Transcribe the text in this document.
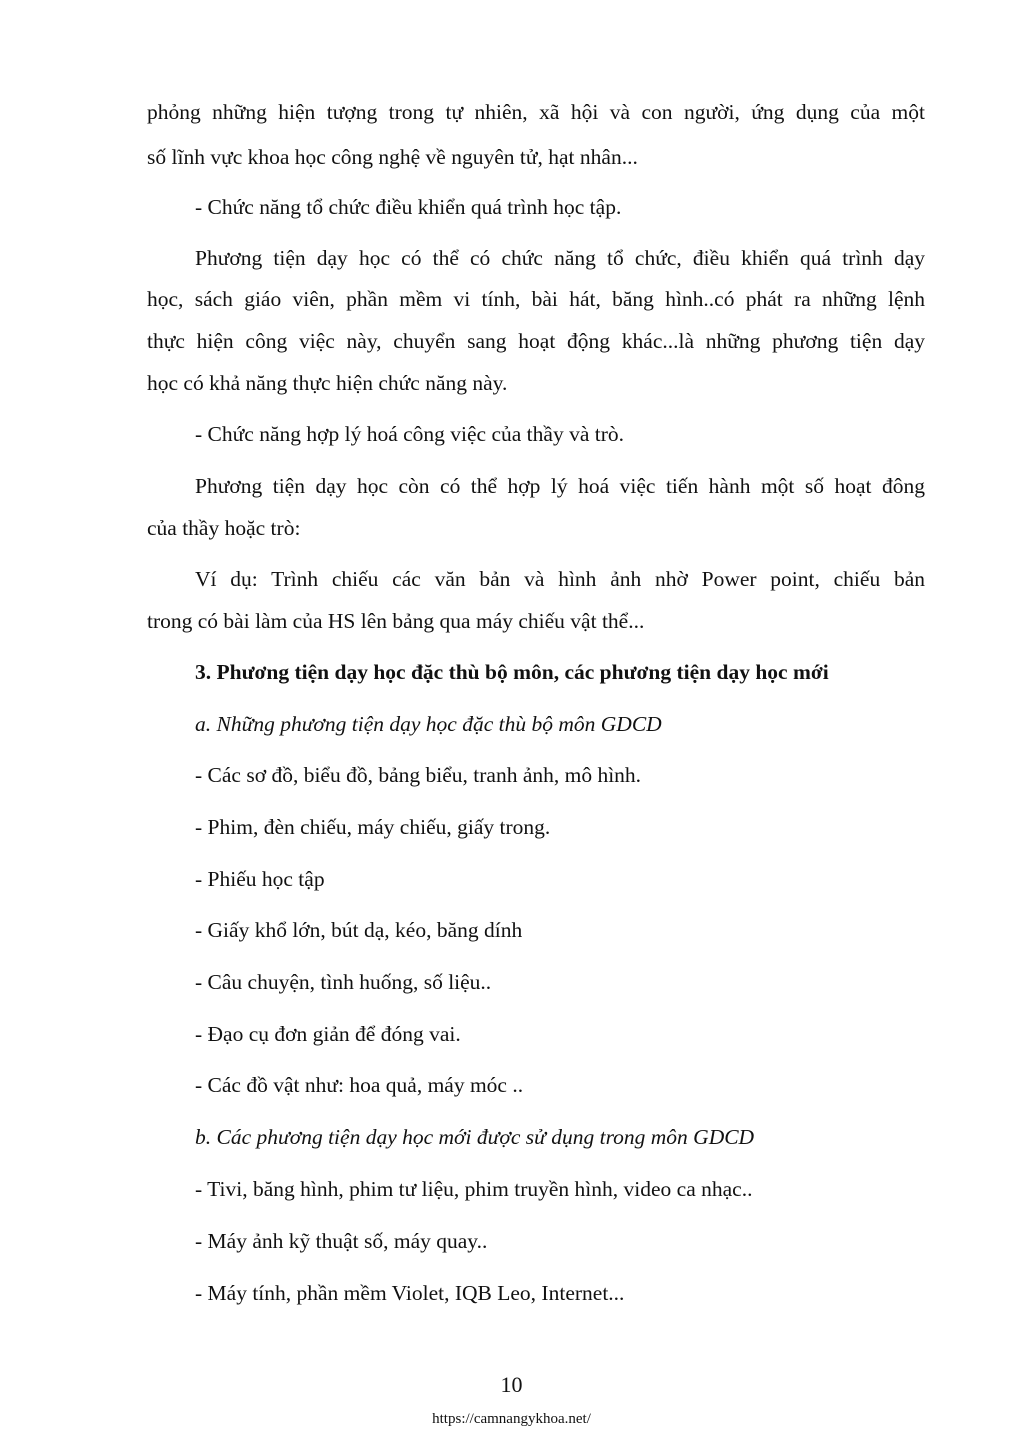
phỏng những hiện tượng trong tự nhiên, xã hội và con người, ứng dụng của một
số lĩnh vực khoa học công nghệ về nguyên tử, hạt nhân...
- Chức năng tổ chức điều khiển quá trình học tập.
Phương tiện dạy học có thể có chức năng tổ chức, điều khiển quá trình dạy
học, sách giáo viên, phần mềm vi tính, bài hát, băng hình..có phát ra những lệnh
thực hiện công việc này, chuyển sang hoạt động khác...là những phương tiện dạy
học có khả năng thực hiện chức năng này.
- Chức năng hợp lý hoá công việc của thầy và trò.
Phương tiện dạy học còn có thể hợp lý hoá việc tiến hành một số hoạt đông
của thầy hoặc trò:
Ví dụ: Trình chiếu các văn bản và hình ảnh nhờ Power point, chiếu bản
trong có bài làm của HS lên bảng qua máy chiếu vật thể...
3. Phương tiện dạy học đặc thù bộ môn, các phương tiện dạy học mới
a. Những phương tiện dạy học đặc thù bộ môn GDCD
- Các sơ đồ, biểu đồ, bảng biểu, tranh ảnh, mô hình.
- Phim, đèn chiếu, máy chiếu, giấy trong.
- Phiếu học tập
- Giấy khổ lớn, bút dạ, kéo, băng dính
- Câu chuyện, tình huống, số liệu..
- Đạo cụ đơn giản để đóng vai.
- Các đồ vật như: hoa quả, máy móc ..
b. Các phương tiện dạy học mới được sử dụng trong môn GDCD
- Tivi, băng hình, phim tư liệu, phim truyền hình, video ca nhạc..
- Máy ảnh kỹ thuật số, máy quay..
- Máy tính, phần mềm Violet, IQB Leo, Internet...
10
https://camnangykhoa.net/
